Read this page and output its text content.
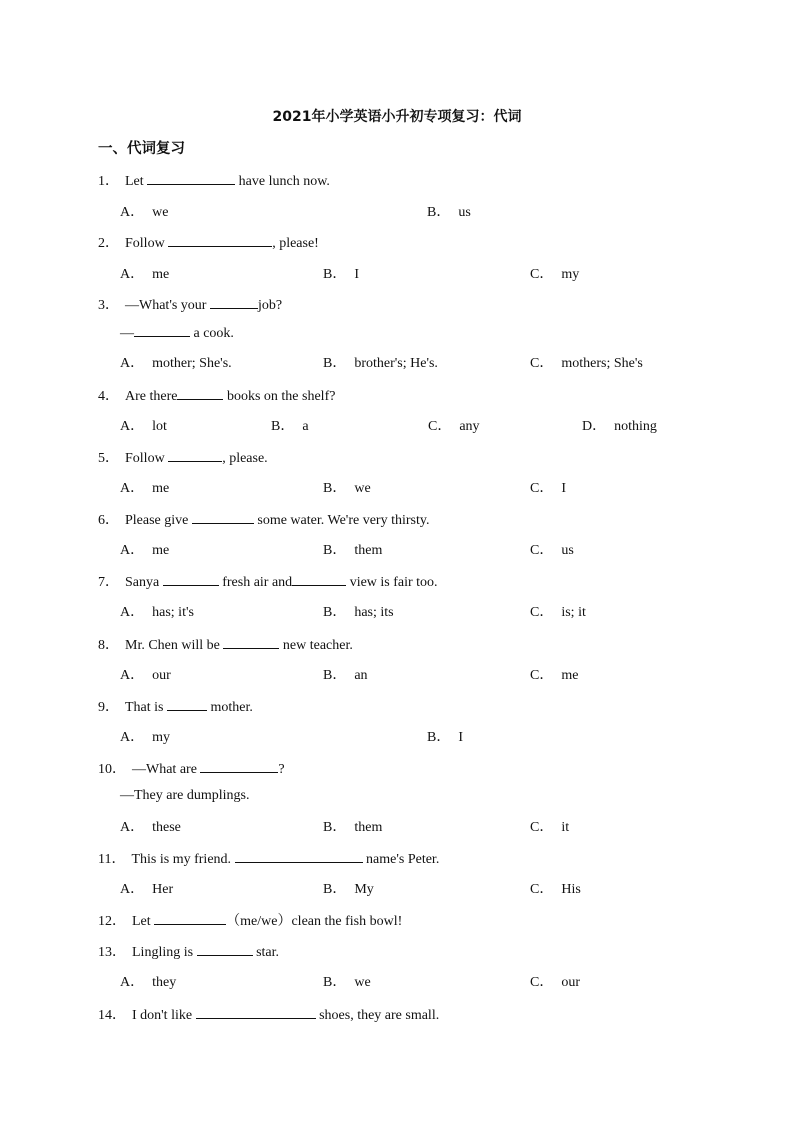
2021年小学英语小升初专项复习：代词
一、代词复习
1． Let	have lunch now.
A． we	B． us
2． Follow	, please!
A． me	B． I	C． my
3． —What's your	job?
—	a cook.
A． mother; She's.	B． brother's; He's.	C． mothers; She's
4． Are there	books on the shelf?
A． lot	B． a	C． any	D． nothing
5． Follow	, please.
A． me	B． we	C． I
6． Please give	some water. We're very thirsty.
A． me	B． them	C． us
7． Sanya	fresh air and	view is fair too.
A． has; it's	B． has; its	C． is; it
8． Mr. Chen will be	new teacher.
A． our	B． an	C． me
9． That is	mother.
A． my	B． I
10． —What are	?
—They are dumplings.
A． these	B． them	C． it
11． This is my friend.	name's Peter.
A． Her	B． My	C． His
12． Let	（me/we）clean the fish bowl!
13． Lingling is	star.
A． they	B． we	C． our
14． I don't like	shoes, they are small.
